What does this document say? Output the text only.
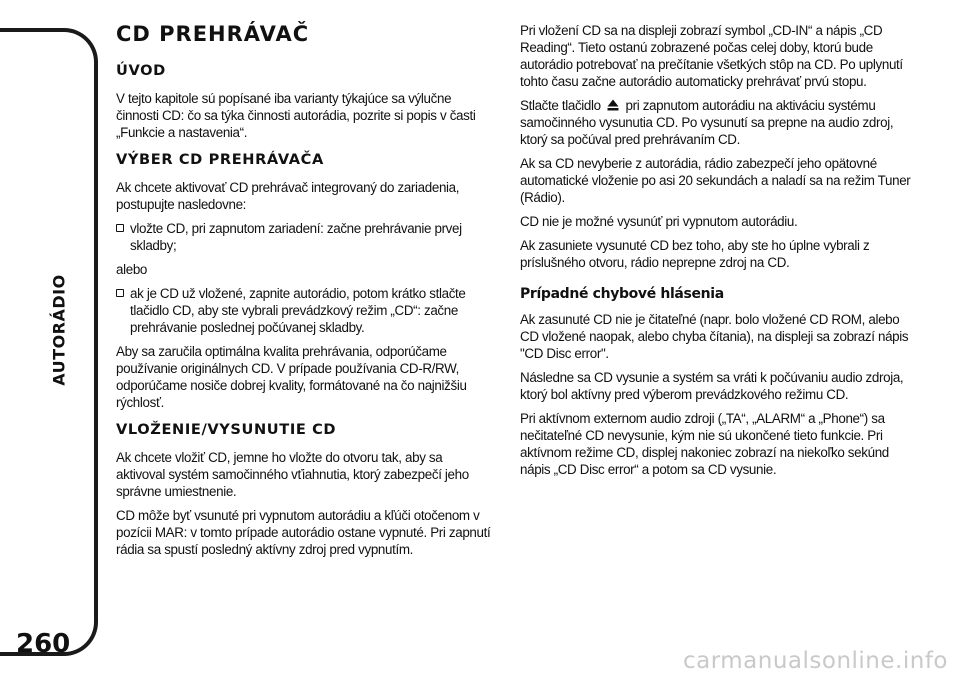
AUTORÁDIO
260
CD PREHRÁVAČ
ÚVOD

V tejto kapitole sú popísané iba varianty týkajúce sa výlučne činnosti CD: čo sa týka činnosti autorádia, pozrite si popis v časti „Funkcie a nastavenia“.

VÝBER CD PREHRÁVAČA

Ak chcete aktivovať CD prehrávač integrovaný do zariadenia, postupujte nasledovne:

vložte CD, pri zapnutom zariadení: začne prehrávanie prvej skladby;

alebo

ak je CD už vložené, zapnite autorádio, potom krátko stlačte tlačidlo CD, aby ste vybrali prevádzkový režim „CD“: začne prehrávanie poslednej počúvanej skladby.

Aby sa zaručila optimálna kvalita prehrávania, odporúčame používanie originálnych CD. V prípade používania CD-R/RW, odporúčame nosiče dobrej kvality, formátované na čo najnižšiu rýchlosť.

VLOŽENIE/VYSUNUTIE CD

Ak chcete vložiť CD, jemne ho vložte do otvoru tak, aby sa aktivoval systém samočinného vťiahnutia, ktorý zabezpečí jeho správne umiestnenie.

CD môže byť vsunuté pri vypnutom autorádiu a kľúči otočenom v pozícii MAR: v tomto prípade autorádio ostane vypnuté. Pri zapnutí rádia sa spustí posledný aktívny zdroj pred vypnutím.

Pri vložení CD sa na displeji zobrazí symbol „CD-IN“ a nápis „CD Reading“. Tieto ostanú zobrazené počas celej doby, ktorú bude autorádio potrebovať na prečítanie všetkých stôp na CD. Po uplynutí tohto času začne autorádio automaticky prehrávať prvú stopu.

Stlačte tlačidlo pri zapnutom autorádiu na aktiváciu systému samočinného vysunutia CD. Po vysunutí sa prepne na audio zdroj, ktorý sa počúval pred prehrávaním CD.

Ak sa CD nevyberie z autorádia, rádio zabezpečí jeho opätovné automatické vloženie po asi 20 sekundách a naladí sa na režim Tuner (Rádio).

CD nie je možné vysunúť pri vypnutom autorádiu.

Ak zasuniete vysunuté CD bez toho, aby ste ho úplne vybrali z príslušného otvoru, rádio neprepne zdroj na CD.

Prípadné chybové hlásenia

Ak zasunuté CD nie je čitateľné (napr. bolo vložené CD ROM, alebo CD vložené naopak, alebo chyba čítania), na displeji sa zobrazí nápis "CD Disc error".

Následne sa CD vysunie a systém sa vráti k počúvaniu audio zdroja, ktorý bol aktívny pred výberom prevádzkového režimu CD.

Pri aktívnom externom audio zdroji („TA“, „ALARM“ a „Phone“) sa nečitateľné CD nevysunie, kým nie sú ukončené tieto funkcie. Pri aktívnom režime CD, displej nakoniec zobrazí na niekoľko sekúnd nápis „CD Disc error“ a potom sa CD vysunie.

carmanualsonline.info
